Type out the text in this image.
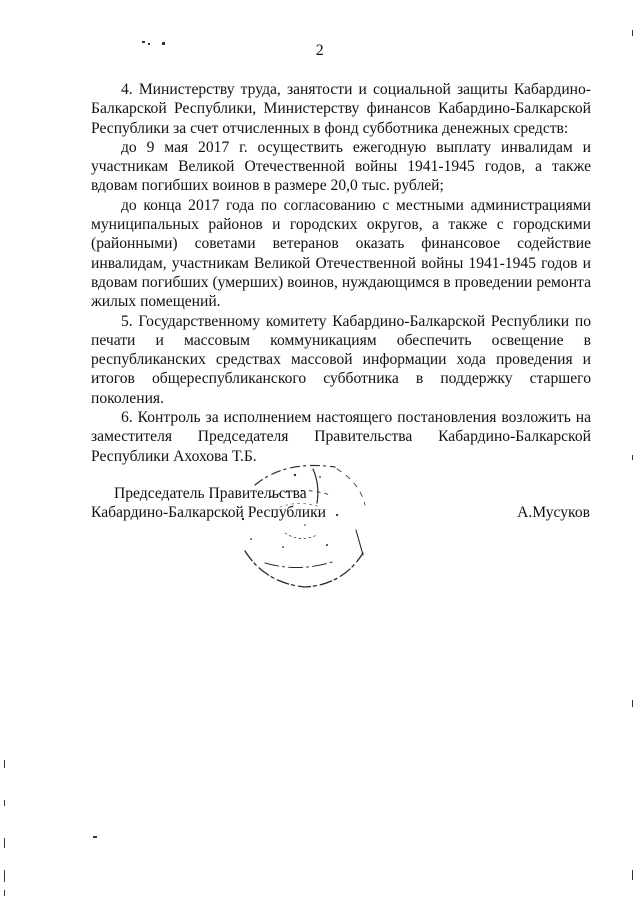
2

4. Министерству труда, занятости и социальной защиты Кабардино-Балкарской Республики, Министерству финансов Кабардино-Балкарской Республики за счет отчисленных в фонд субботника денежных средств:

до 9 мая 2017 г. осуществить ежегодную выплату инвалидам и участникам Великой Отечественной войны 1941-1945 годов, а также вдовам погибших воинов в размере 20,0 тыс. рублей;

до конца 2017 года по согласованию с местными администрациями муниципальных районов и городских округов, а также с городскими (районными) советами ветеранов оказать финансовое содействие инвалидам, участникам Великой Отечественной войны 1941-1945 годов и вдовам погибших (умерших) воинов, нуждающимся в проведении ремонта жилых помещений.

5. Государственному комитету Кабардино-Балкарской Республики по печати и массовым коммуникациям обеспечить освещение в республиканских средствах массовой информации хода проведения и итогов общереспубликанского субботника в поддержку старшего поколения.

6. Контроль за исполнением настоящего постановления возложить на заместителя Председателя Правительства Кабардино-Балкарской Республики Ахохова Т.Б.

Председатель Правительства
Кабардино-Балкарской Республики	А.Мусуков
